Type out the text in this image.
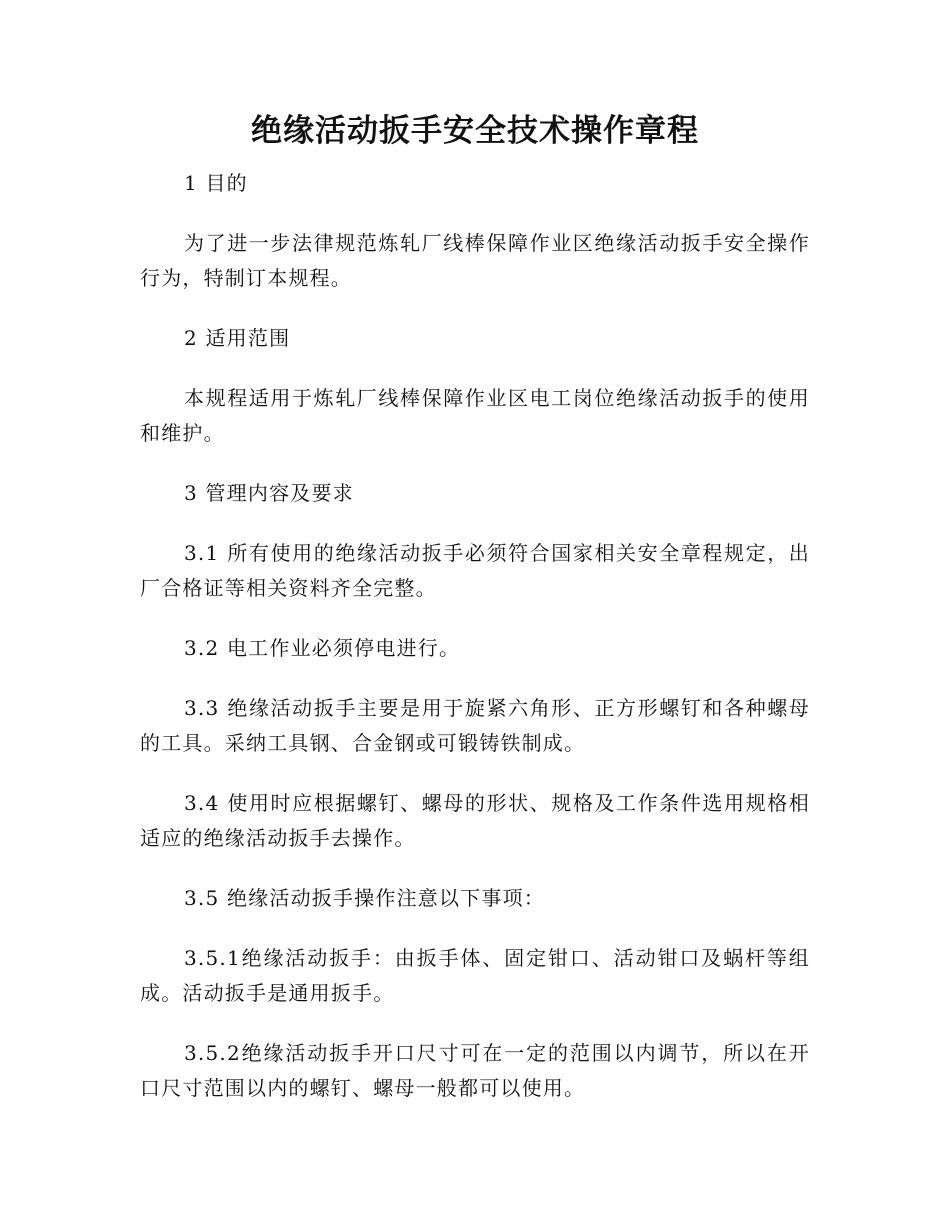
绝缘活动扳手安全技术操作章程

1 目的

为了进一步法律规范炼轧厂线棒保障作业区绝缘活动扳手安全操作行为，特制订本规程。

2 适用范围

本规程适用于炼轧厂线棒保障作业区电工岗位绝缘活动扳手的使用和维护。

3 管理内容及要求

3.1 所有使用的绝缘活动扳手必须符合国家相关安全章程规定，出厂合格证等相关资料齐全完整。

3.2 电工作业必须停电进行。

3.3 绝缘活动扳手主要是用于旋紧六角形、正方形螺钉和各种螺母的工具。采纳工具钢、合金钢或可锻铸铁制成。

3.4 使用时应根据螺钉、螺母的形状、规格及工作条件选用规格相适应的绝缘活动扳手去操作。

3.5 绝缘活动扳手操作注意以下事项：

3.5.1绝缘活动扳手：由扳手体、固定钳口、活动钳口及蜗杆等组成。活动扳手是通用扳手。

3.5.2绝缘活动扳手开口尺寸可在一定的范围以内调节，所以在开口尺寸范围以内的螺钉、螺母一般都可以使用。
